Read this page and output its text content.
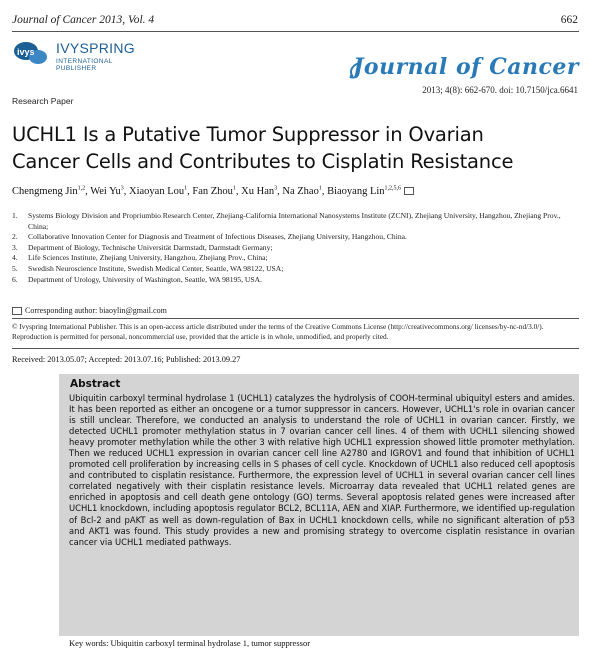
Journal of Cancer 2013, Vol. 4	662
ivys IVYSPRING
INTERNATIONAL PUBLISHER	Journal of Cancer
2013; 4(8): 662-670. doi: 10.7150/jca.6641
Research Paper
UCHL1 Is a Putative Tumor Suppressor in Ovarian
Cancer Cells and Contributes to Cisplatin Resistance
Chengmeng Jin$^{1,2}$, Wei Yu$^3$, Xiaoyan Lou$^1$, Fan Zhou$^1$, Xu Han$^3$, Na Zhao$^1$, Biaoyang Lin$^{1,2,5,6}$
1. Systems Biology Division and Propriumbio Research Center, Zhejiang-California International Nanosystems Institute (ZCNI), Zhejiang University, Hangzhou, Zhejiang Prov., China;
2. Collaborative Innovation Center for Diagnosis and Treatment of Infectious Diseases, Zhejiang University, Hangzhou, China.
3. Department of Biology, Technische Universität Darmstadt, Darmstadt Germany;
4. Life Sciences Institute, Zhejiang University, Hangzhou, Zhejiang Prov., China;
5. Swedish Neuroscience Institute, Swedish Medical Center, Seattle, WA 98122, USA;
6. Department of Urology, University of Washington, Seattle, WA 98195, USA.
Corresponding author: biaoylin@gmail.com
© Ivyspring International Publisher. This is an open-access article distributed under the terms of the Creative Commons License (http://creativecommons.org/ licenses/by-nc-nd/3.0/). Reproduction is permitted for personal, noncommercial use, provided that the article is in whole, unmodified, and properly cited.
Received: 2013.05.07; Accepted: 2013.07.16; Published: 2013.09.27
Abstract

Ubiquitin carboxyl terminal hydrolase 1 (UCHL1) catalyzes the hydrolysis of COOH-terminal ubiquityl esters and amides. It has been reported as either an oncogene or a tumor suppressor in cancers. However, UCHL1's role in ovarian cancer is still unclear. Therefore, we conducted an analysis to understand the role of UCHL1 in ovarian cancer. Firstly, we detected UCHL1 promoter methylation status in 7 ovarian cancer cell lines. 4 of them with UCHL1 silencing showed heavy promoter methylation while the other 3 with relative high UCHL1 expression showed little promoter methylation. Then we reduced UCHL1 expression in ovarian cancer cell line A2780 and IGROV1 and found that inhibition of UCHL1 promoted cell proliferation by increasing cells in S phases of cell cycle. Knockdown of UCHL1 also reduced cell apoptosis and contributed to cisplatin resistance. Furthermore, the expression level of UCHL1 in several ovarian cancer cell lines correlated negatively with their cisplatin resistance levels. Microarray data revealed that UCHL1 related genes are enriched in apoptosis and cell death gene ontology (GO) terms. Several apoptosis related genes were increased after UCHL1 knockdown, including apoptosis regulator BCL2, BCL11A, AEN and XIAP. Furthermore, we identified up-regulation of Bcl-2 and pAKT as well as down-regulation of Bax in UCHL1 knockdown cells, while no significant alteration of p53 and AKT1 was found. This study provides a new and promising strategy to overcome cisplatin resistance in ovarian cancer via UCHL1 mediated pathways.

Key words: Ubiquitin carboxyl terminal hydrolase 1, tumor suppressor
